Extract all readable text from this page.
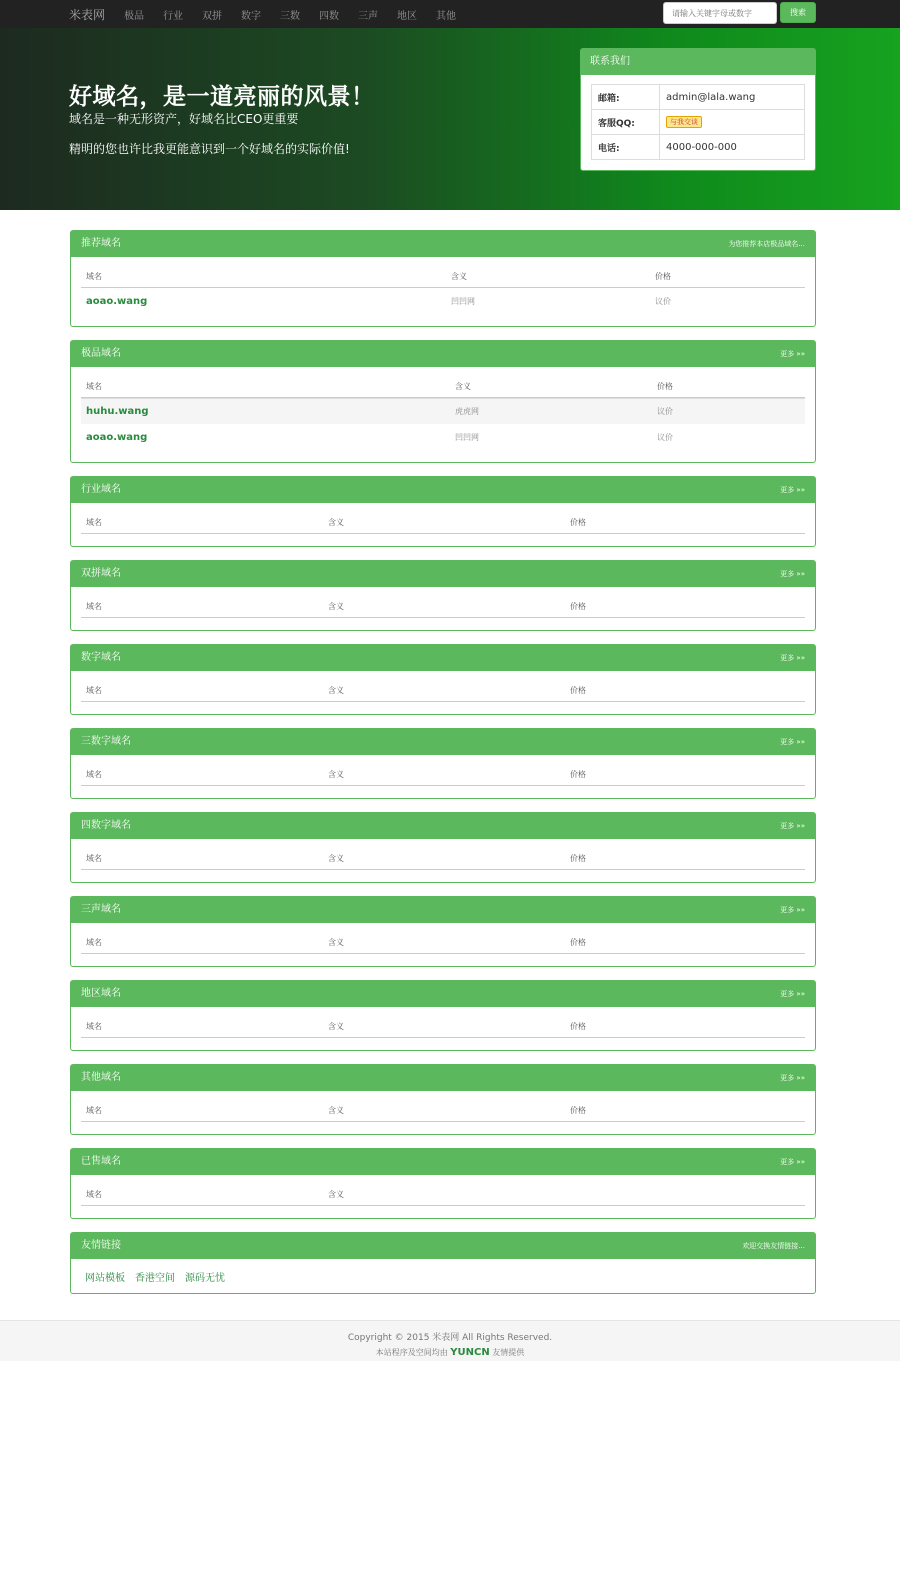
米表网 极品 行业 双拼 数字 三数 四数 三声 地区 其他
请输入关键字母或数字	搜索
好域名，是一道亮丽的风景！
域名是一种无形资产，好域名比CEO更重要
精明的您也许比我更能意识到一个好域名的实际价值!
联系我们
邮箱:	admin@lala.wang
客服QQ:	与我交谈
电话:	4000-000-000
推荐域名	为您推荐本店极品域名...
域名	含义	价格
aoao.wang	凹凹网	议价
极品域名	更多 »»
域名	含义	价格
huhu.wang	虎虎网	议价
aoao.wang	凹凹网	议价
行业域名	更多 »»
域名	含义	价格
双拼域名	更多 »»
域名	含义	价格
数字域名	更多 »»
域名	含义	价格
三数字域名	更多 »»
域名	含义	价格
四数字域名	更多 »»
域名	含义	价格
三声域名	更多 »»
域名	含义	价格
地区域名	更多 »»
域名	含义	价格
其他域名	更多 »»
域名	含义	价格
已售域名	更多 »»
域名	含义
友情链接	欢迎交换友情链接...
网站模板 香港空间 源码无忧
Copyright © 2015 米表网 All Rights Reserved.
本站程序及空间均由 YUNCN 友情提供
